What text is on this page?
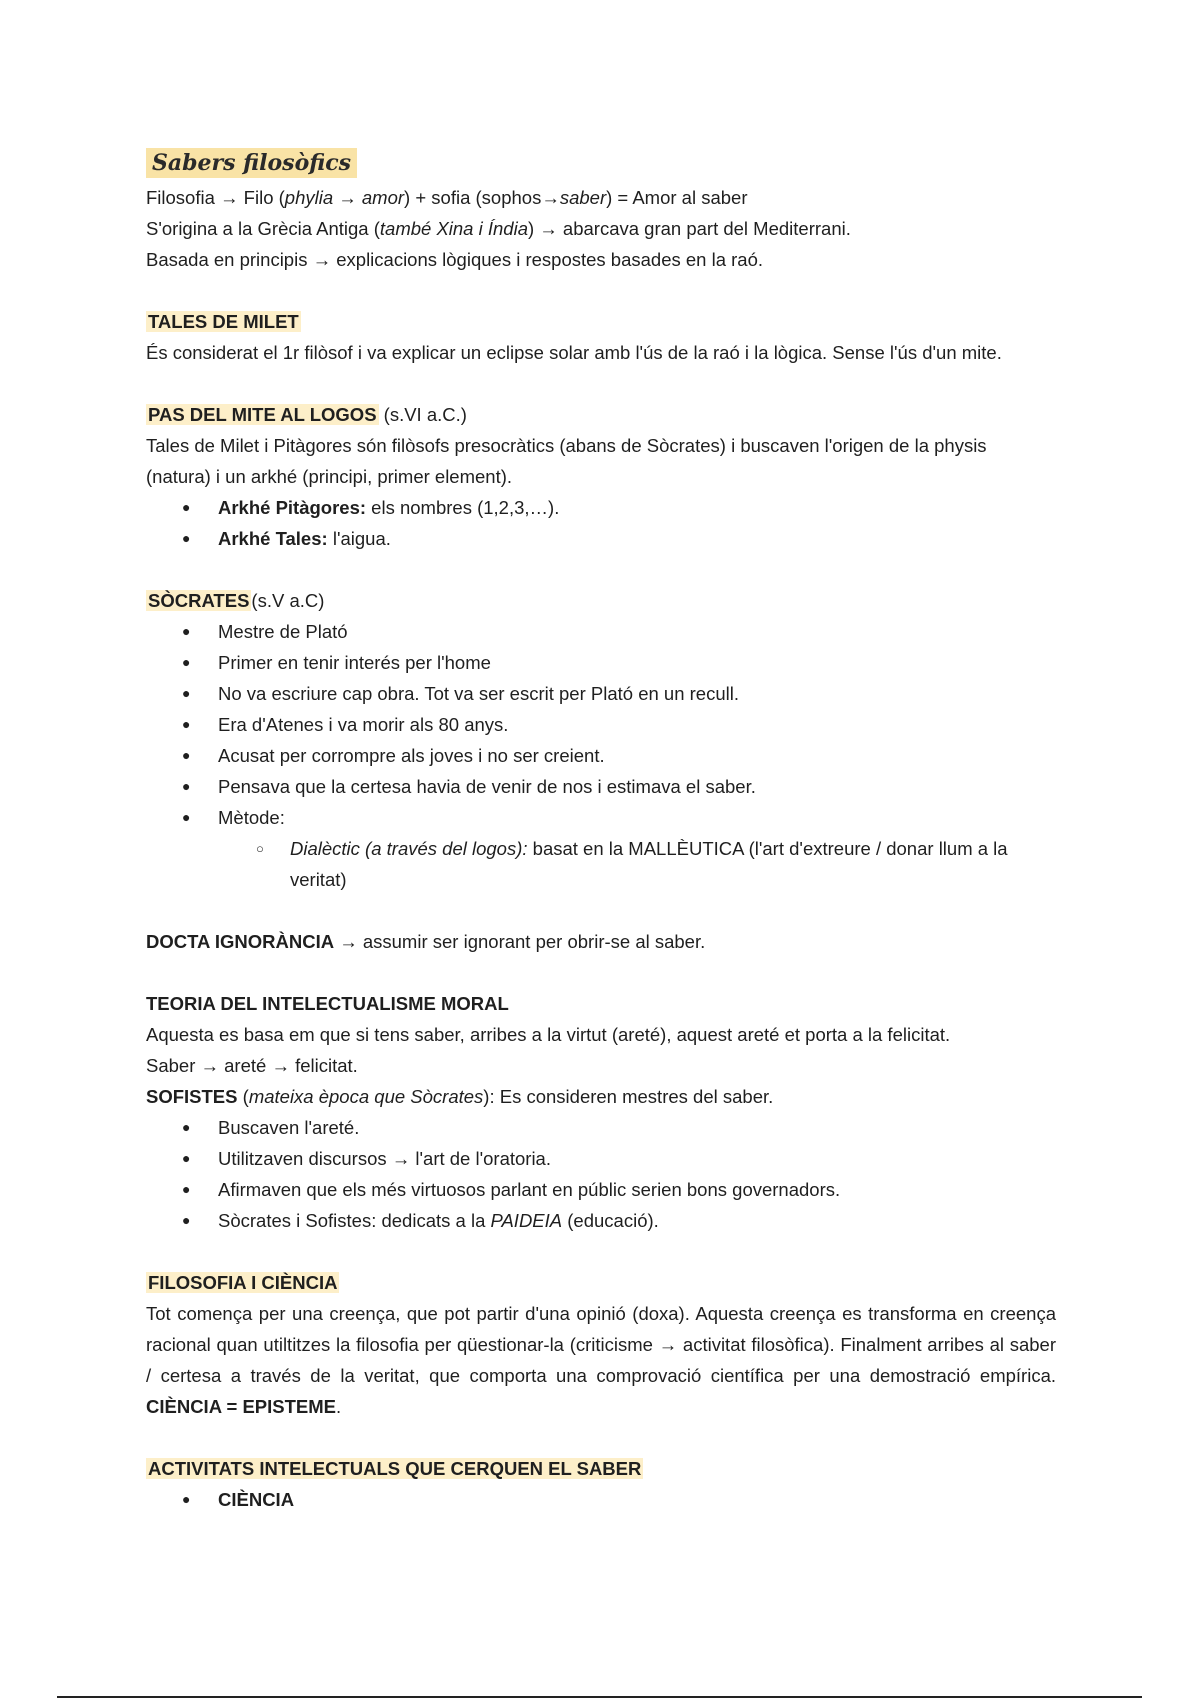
Sabers filosòfics

Filosofia → Filo (phylia → amor) + sofia (sophos→saber) = Amor al saber

S'origina a la Grècia Antiga (també Xina i Índia) → abarcava gran part del Mediterrani.

Basada en principis → explicacions lògiques i respostes basades en la raó.

TALES DE MILET

És considerat el 1r filòsof i va explicar un eclipse solar amb l'ús de la raó i la lògica. Sense l'ús d'un mite.

PAS DEL MITE AL LOGOS (s.VI a.C.)

Tales de Milet i Pitàgores són filòsofs presocràtics (abans de Sòcrates) i buscaven l'origen de la physis (natura) i un arkhé (principi, primer element).

● Arkhé Pitàgores: els nombres (1,2,3,…).
● Arkhé Tales: l'aigua.

SÒCRATES (s.V a.C)

● Mestre de Plató
● Primer en tenir interés per l'home
● No va escriure cap obra. Tot va ser escrit per Plató en un recull.
● Era d'Atenes i va morir als 80 anys.
● Acusat per corrompre als joves i no ser creient.
● Pensava que la certesa havia de venir de nos i estimava el saber.
● Mètode:
○ Dialèctic (a través del logos): basat en la MALLÈUTICA (l'art d'extreure / donar llum a la veritat)

DOCTA IGNORÀNCIA → assumir ser ignorant per obrir-se al saber.

TEORIA DEL INTELECTUALISME MORAL

Aquesta es basa em que si tens saber, arribes a la virtut (areté), aquest areté et porta a la felicitat.

Saber → areté → felicitat.

SOFISTES (mateixa època que Sòcrates): Es consideren mestres del saber.

● Buscaven l'areté.
● Utilitzaven discursos → l'art de l'oratoria.
● Afirmaven que els més virtuosos parlant en públic serien bons governadors.
● Sòcrates i Sofistes: dedicats a la PAIDEIA (educació).

FILOSOFIA I CIÈNCIA

Tot comença per una creença, que pot partir d'una opinió (doxa). Aquesta creença es transforma en creença racional quan utiltitzes la filosofia per qüestionar-la (criticisme → activitat filosòfica). Finalment arribes al saber / certesa a través de la veritat, que comporta una comprovació científica per una demostració empírica. CIÈNCIA = EPISTEME.

ACTIVITATS INTELECTUALS QUE CERQUEN EL SABER

● CIÈNCIA
